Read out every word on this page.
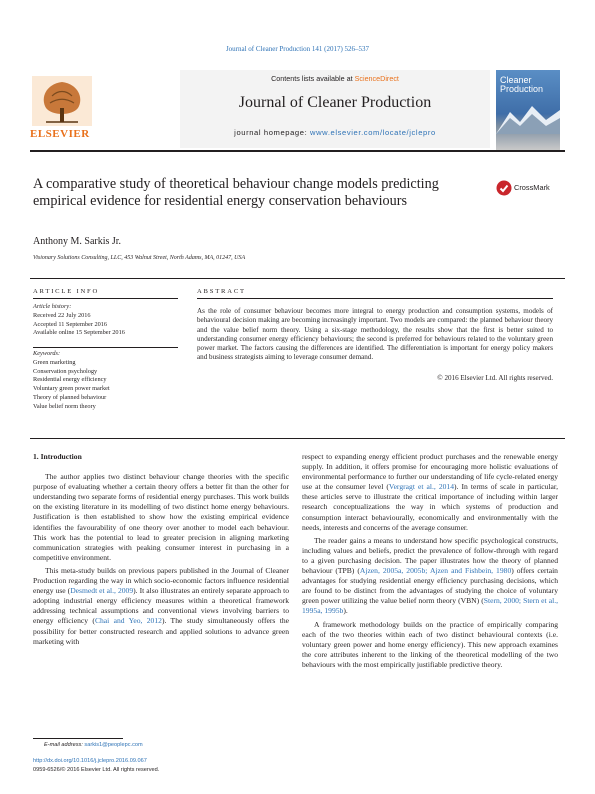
Journal of Cleaner Production 141 (2017) 526–537
Contents lists available at ScienceDirect
Journal of Cleaner Production
journal homepage: www.elsevier.com/locate/jclepro
ELSEVIER
Cleaner Production
A comparative study of theoretical behaviour change models predicting empirical evidence for residential energy conservation behaviours
CrossMark
Anthony M. Sarkis Jr.
Visionary Solutions Consulting, LLC, 453 Walnut Street, North Adams, MA, 01247, USA
ARTICLE INFO
Article history:
Received 22 July 2016
Accepted 11 September 2016
Available online 15 September 2016
Keywords:
Green marketing
Conservation psychology
Residential energy efficiency
Voluntary green power market
Theory of planned behaviour
Value belief norm theory
ABSTRACT
As the role of consumer behaviour becomes more integral to energy production and consumption systems, models of behavioural decision making are becoming increasingly important. Two models are compared: the planned behaviour theory and the value belief norm theory. Using a six-stage methodology, the results show that the first is better suited to understanding consumer energy efficiency behaviours; the second is preferred for behaviours related to the voluntary green power market. The factors causing the differences are identified. The differentiation is important for energy policy makers and business strategists aiming to leverage consumer demand.
© 2016 Elsevier Ltd. All rights reserved.
1. Introduction

The author applies two distinct behaviour change theories with the specific purpose of evaluating whether a certain theory offers a better fit than the other for understanding two separate forms of residential energy purchases. This work builds on the existing literature in its modelling of two distinct home energy behaviours. Justification is then established to show how the existing empirical evidence identifies the favourability of one theory over another to model each behaviour. This work has the potential to lead to greater precision in aligning marketing communication strategies with peaking consumer interest in purchasing in a competitive environment.

This meta-study builds on previous papers published in the Journal of Cleaner Production regarding the way in which socio-economic factors influence residential energy use (Desmedt et al., 2009). It also illustrates an entirely separate approach to adopting industrial energy efficiency measures within a theoretical framework addressing technical assumptions and conventional views involving barriers to energy efficiency (Chai and Yeo, 2012). The study simultaneously offers the possibility for better constructed research and applied solutions to advance green marketing with

respect to expanding energy efficient product purchases and the renewable energy supply. In addition, it offers promise for encouraging more holistic evaluations of environmental performance to further our understanding of life cycle-related energy use at the consumer level (Vergragt et al., 2014). In terms of scale in particular, these articles serve to illustrate the critical importance of including within larger research conceptualizations the way in which systems of production and consumption interact behaviourally, economically and environmentally with the needs, interests and concerns of the average consumer.

The reader gains a means to understand how specific psychological constructs, including values and beliefs, predict the prevalence of follow-through with regard to a given purchasing decision. The paper illustrates how the theory of planned behaviour (TPB) (Ajzen, 2005a, 2005b; Ajzen and Fishbein, 1980) offers certain advantages for studying residential energy efficiency purchasing decisions, which are found to be distinct from the advantages of studying the choice of voluntary green power utilizing the value belief norm theory (VBN) (Stern, 2000; Stern et al., 1995a, 1995b).

A framework methodology builds on the practice of empirically comparing each of the two theories within each of two distinct behavioural contexts (i.e. voluntary green power and home energy efficiency). This new approach examines the core attributes inherent to the linking of the theoretical modelling of the two behaviours with the most empirically justifiable predictive theory.

E-mail address: sarkis1@peoplepc.com
http://dx.doi.org/10.1016/j.jclepro.2016.09.067
0959-6526/© 2016 Elsevier Ltd. All rights reserved.
